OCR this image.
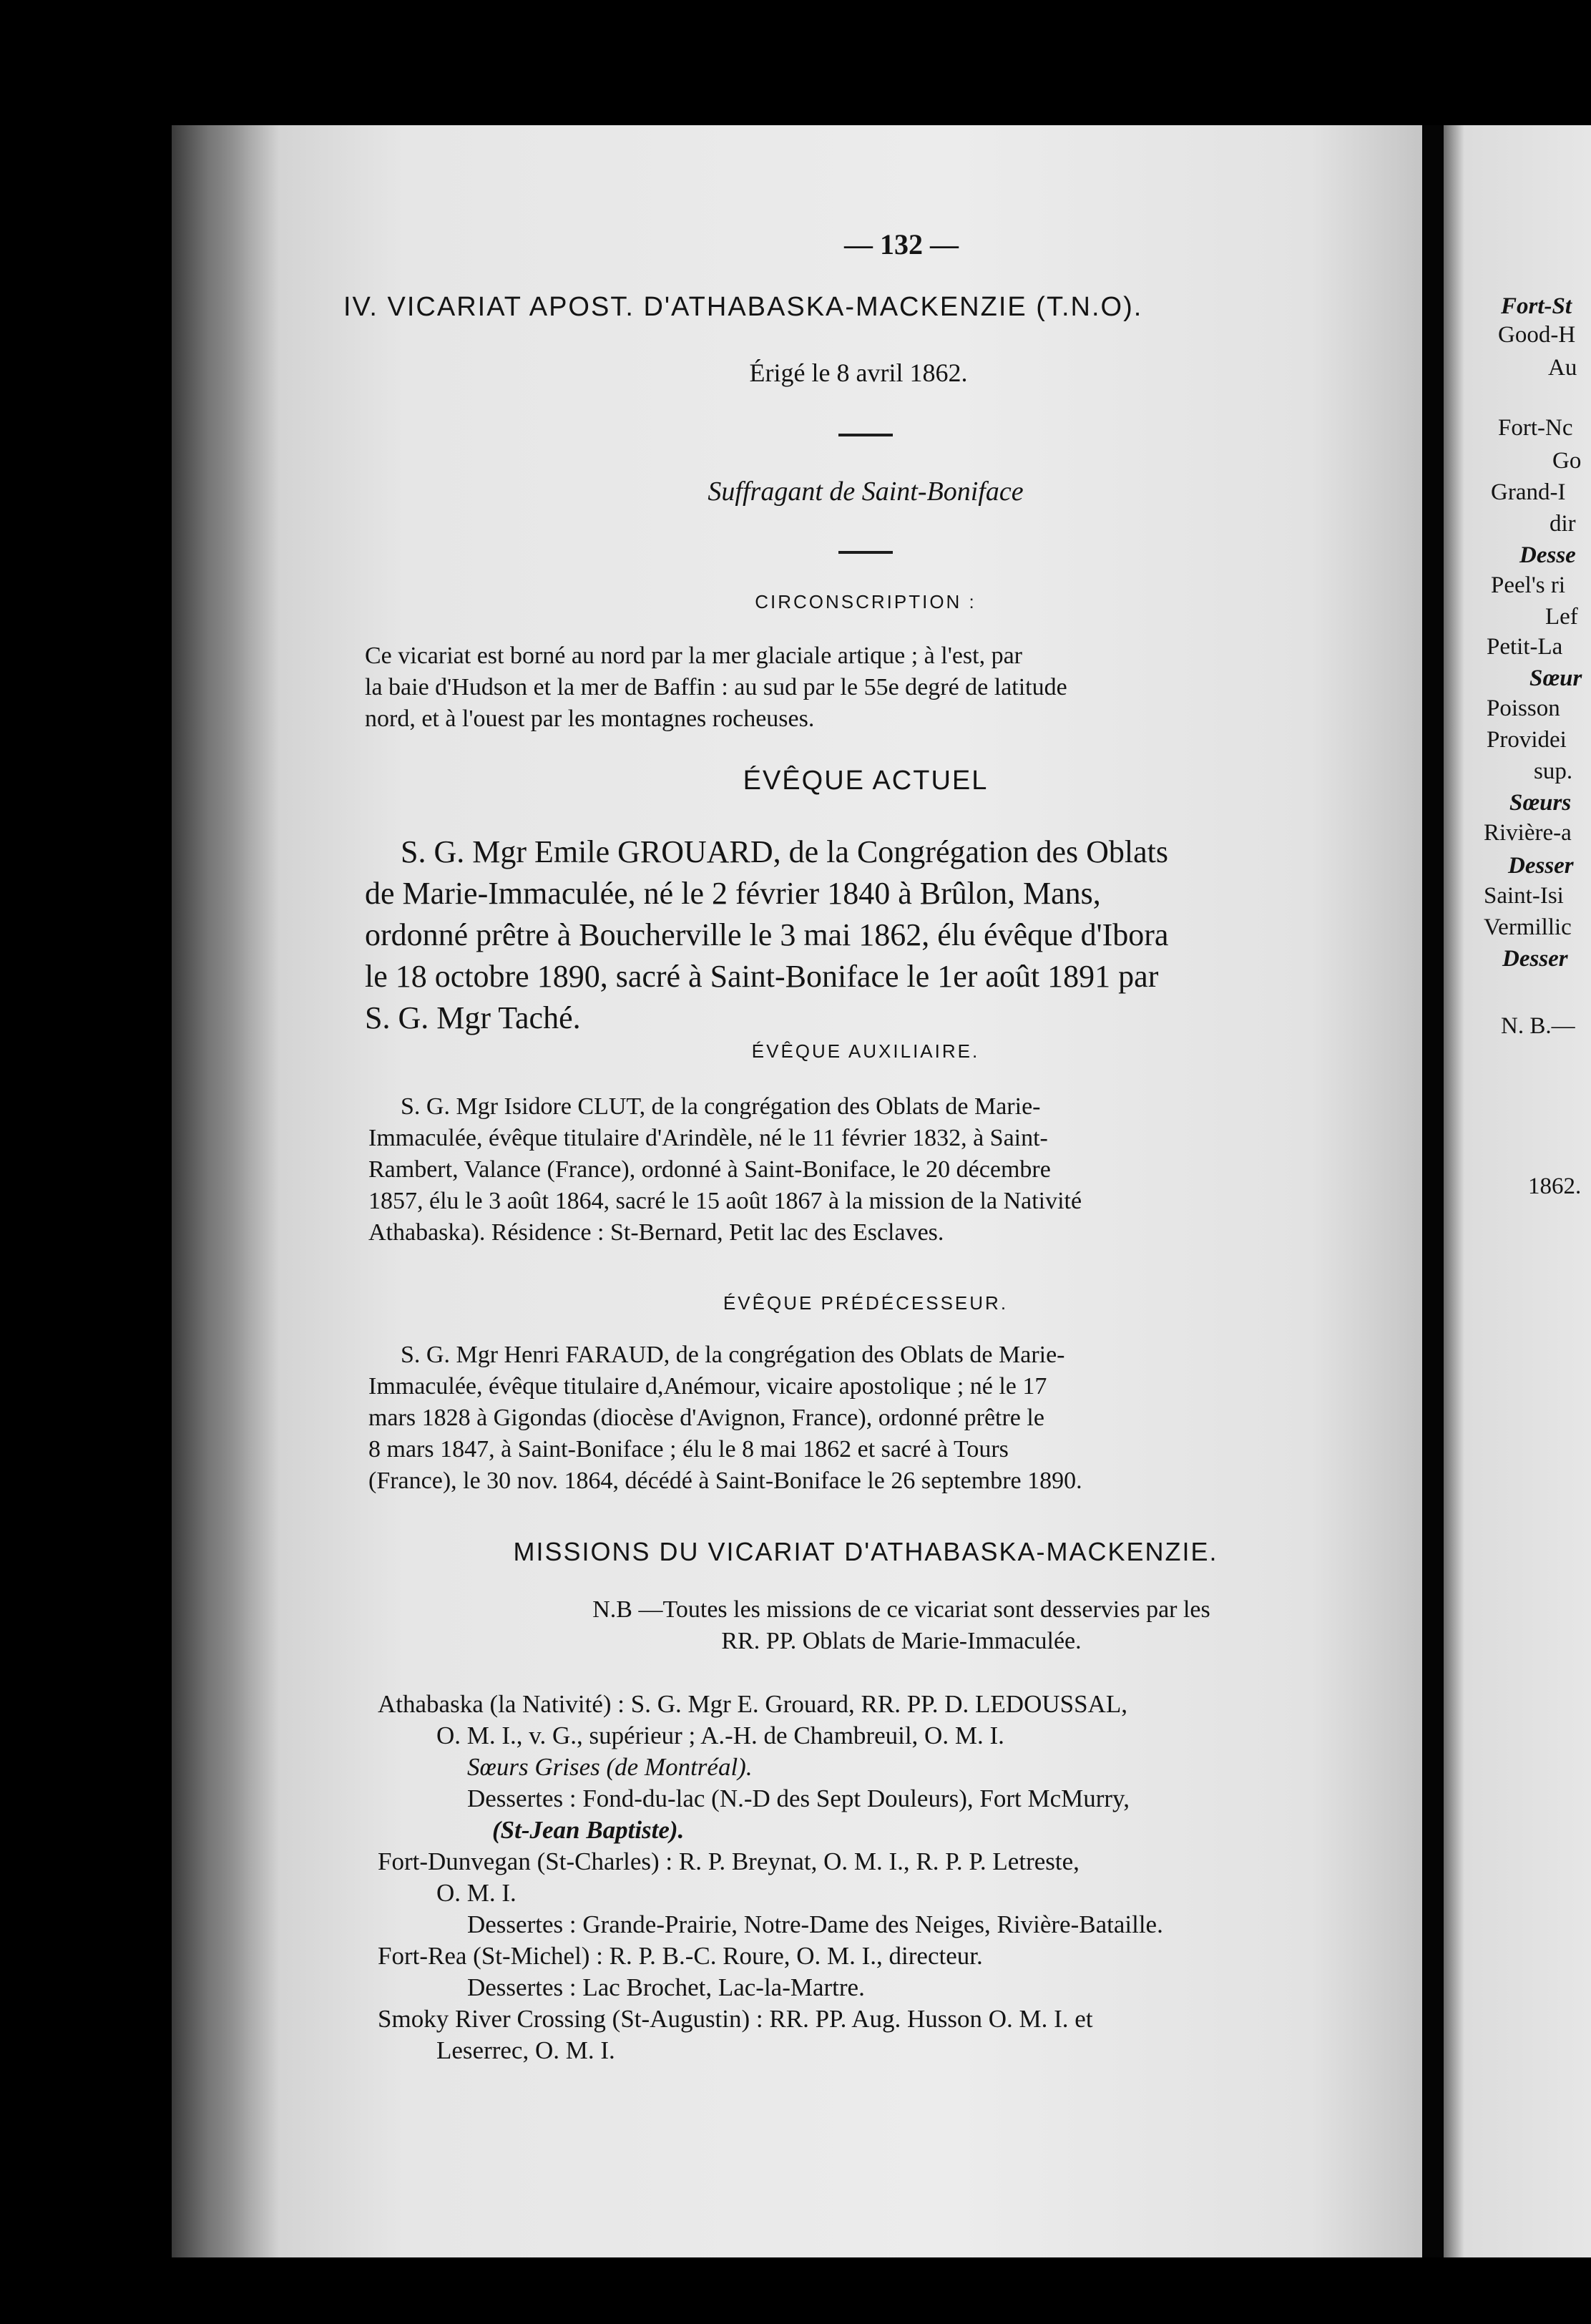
— 132 —
IV. VICARIAT APOST. D'ATHABASKA-MACKENZIE (T.N.O).
Érigé le 8 avril 1862.
Suffragant de Saint-Boniface
CIRCONSCRIPTION :
Ce vicariat est borné au nord par la mer glaciale artique ; à l'est, par
la baie d'Hudson et la mer de Baffin : au sud par le 55e degré de latitude
nord, et à l'ouest par les montagnes rocheuses.
ÉVÊQUE ACTUEL
S. G. Mgr Emile GROUARD, de la Congrégation des Oblats
de Marie-Immaculée, né le 2 février 1840 à Brûlon, Mans,
ordonné prêtre à Boucherville le 3 mai 1862, élu évêque d'Ibora
le 18 octobre 1890, sacré à Saint-Boniface le 1er août 1891 par
S. G. Mgr Taché.
ÉVÊQUE AUXILIAIRE.
S. G. Mgr Isidore CLUT, de la congrégation des Oblats de Marie-
Immaculée, évêque titulaire d'Arindèle, né le 11 février 1832, à Saint-
Rambert, Valance (France), ordonné à Saint-Boniface, le 20 décembre
1857, élu le 3 août 1864, sacré le 15 août 1867 à la mission de la Nativité
Athabaska). Résidence : St-Bernard, Petit lac des Esclaves.
ÉVÊQUE PRÉDÉCESSEUR.
S. G. Mgr Henri FARAUD, de la congrégation des Oblats de Marie-
Immaculée, évêque titulaire d,Anémour, vicaire apostolique ; né le 17
mars 1828 à Gigondas (diocèse d'Avignon, France), ordonné prêtre le
8 mars 1847, à Saint-Boniface ; élu le 8 mai 1862 et sacré à Tours
(France), le 30 nov. 1864, décédé à Saint-Boniface le 26 septembre 1890.
MISSIONS DU VICARIAT D'ATHABASKA-MACKENZIE.
N.B —Toutes les missions de ce vicariat sont desservies par les
RR. PP. Oblats de Marie-Immaculée.
Athabaska (la Nativité) : S. G. Mgr E. Grouard, RR. PP. D. LEDOUSSAL,
O. M. I., v. G., supérieur ; A.-H. de Chambreuil, O. M. I.
Sœurs Grises (de Montréal).
Dessertes : Fond-du-lac (N.-D des Sept Douleurs), Fort McMurry,
(St-Jean Baptiste).
Fort-Dunvegan (St-Charles) : R. P. Breynat, O. M. I., R. P. P. Letreste,
O. M. I.
Dessertes : Grande-Prairie, Notre-Dame des Neiges, Rivière-Bataille.
Fort-Rea (St-Michel) : R. P. B.-C. Roure, O. M. I., directeur.
Dessertes : Lac Brochet, Lac-la-Martre.
Smoky River Crossing (St-Augustin) : RR. PP. Aug. Husson O. M. I. et
Leserrec, O. M. I.
Fort-St
Good-H
Au
Fort-Nc
Go
Grand-I
dir
Desse
Peel's ri
Lef
Petit-La
Sœur
Poisson
Providei
sup.
Sœurs
Rivière-a
Desser
Saint-Isi
Vermillic
Desser
N. B.—
1862.
